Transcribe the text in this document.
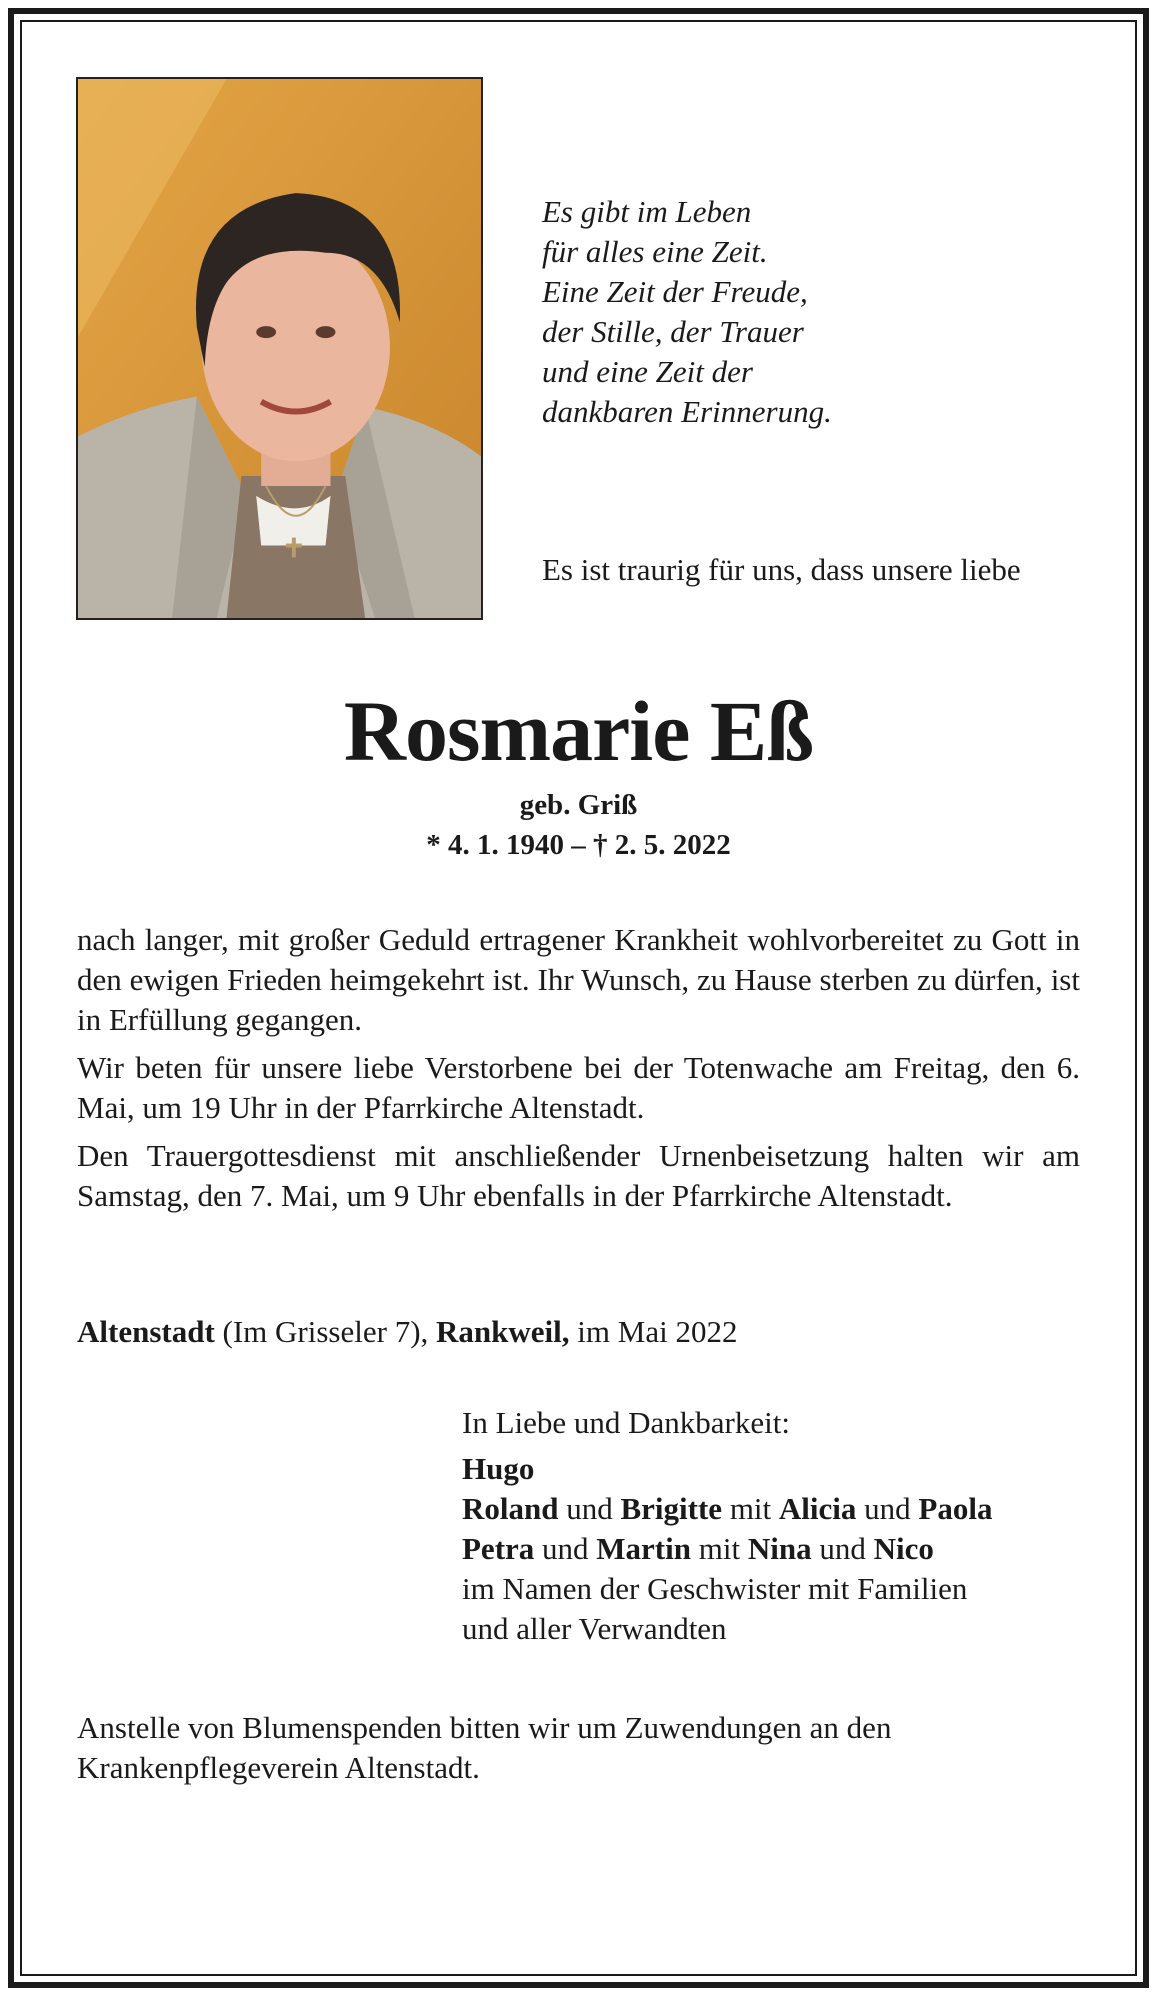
Es gibt im Leben
für alles eine Zeit.
Eine Zeit der Freude,
der Stille, der Trauer
und eine Zeit der
dankbaren Erinnerung.
Es ist traurig für uns, dass unsere liebe
Rosmarie Eß
geb. Griß
* 4. 1. 1940 – † 2. 5. 2022

nach langer, mit großer Geduld ertragener Krankheit wohlvorbereitet zu Gott in den ewigen Frieden heimgekehrt ist. Ihr Wunsch, zu Hause sterben zu dürfen, ist in Erfüllung gegangen.

Wir beten für unsere liebe Verstorbene bei der Totenwache am Freitag, den 6. Mai, um 19 Uhr in der Pfarrkirche Altenstadt.

Den Trauergottesdienst mit anschließender Urnenbeisetzung halten wir am Samstag, den 7. Mai, um 9 Uhr ebenfalls in der Pfarrkirche Altenstadt.

Altenstadt (Im Grisseler 7), Rankweil, im Mai 2022
In Liebe und Dankbarkeit:
Hugo
Roland und Brigitte mit Alicia und Paola
Petra und Martin mit Nina und Nico
im Namen der Geschwister mit Familien
und aller Verwandten
Anstelle von Blumenspenden bitten wir um Zuwendungen an den Krankenpflegeverein Altenstadt.
